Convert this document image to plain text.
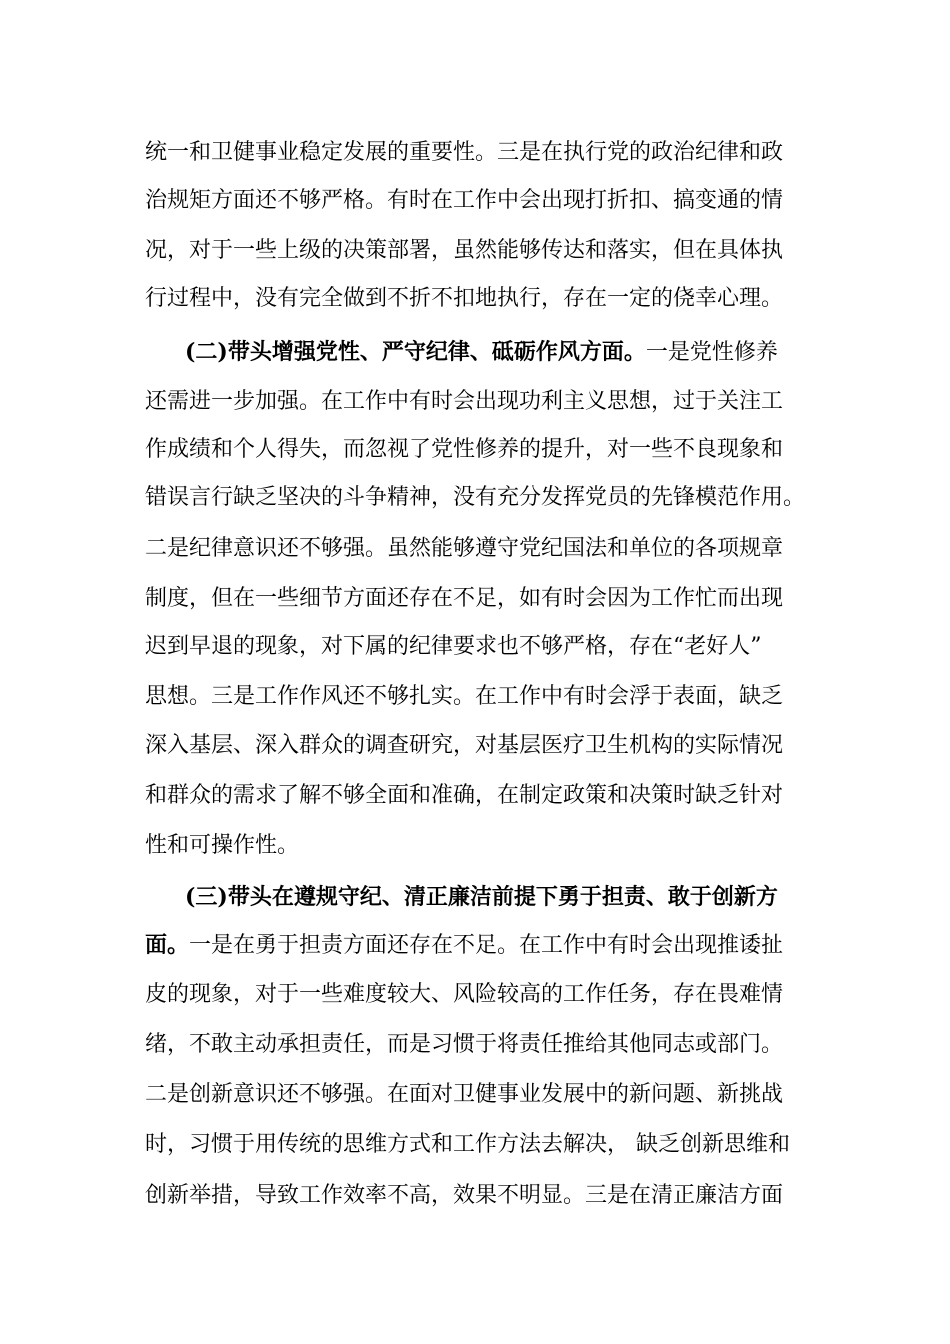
统一和卫健事业稳定发展的重要性。三是在执行党的政治纪律和政
治规矩方面还不够严格。有时在工作中会出现打折扣、搞变通的情
况，对于一些上级的决策部署，虽然能够传达和落实，但在具体执
行过程中，没有完全做到不折不扣地执行，存在一定的侥幸心理。
(二)带头增强党性、严守纪律、砥砺作风方面。一是党性修养
还需进一步加强。在工作中有时会出现功利主义思想，过于关注工
作成绩和个人得失，而忽视了党性修养的提升，对一些不良现象和
错误言行缺乏坚决的斗争精神，没有充分发挥党员的先锋模范作用。
二是纪律意识还不够强。虽然能够遵守党纪国法和单位的各项规章
制度，但在一些细节方面还存在不足，如有时会因为工作忙而出现
迟到早退的现象，对下属的纪律要求也不够严格，存在“老好人”
思想。三是工作作风还不够扎实。在工作中有时会浮于表面，缺乏
深入基层、深入群众的调查研究，对基层医疗卫生机构的实际情况
和群众的需求了解不够全面和准确，在制定政策和决策时缺乏针对
性和可操作性。
(三)带头在遵规守纪、清正廉洁前提下勇于担责、敢于创新方
面。一是在勇于担责方面还存在不足。在工作中有时会出现推诿扯
皮的现象，对于一些难度较大、风险较高的工作任务，存在畏难情
绪，不敢主动承担责任，而是习惯于将责任推给其他同志或部门。
二是创新意识还不够强。在面对卫健事业发展中的新问题、新挑战
时，习惯于用传统的思维方式和工作方法去解决， 缺乏创新思维和
创新举措，导致工作效率不高，效果不明显。三是在清正廉洁方面
